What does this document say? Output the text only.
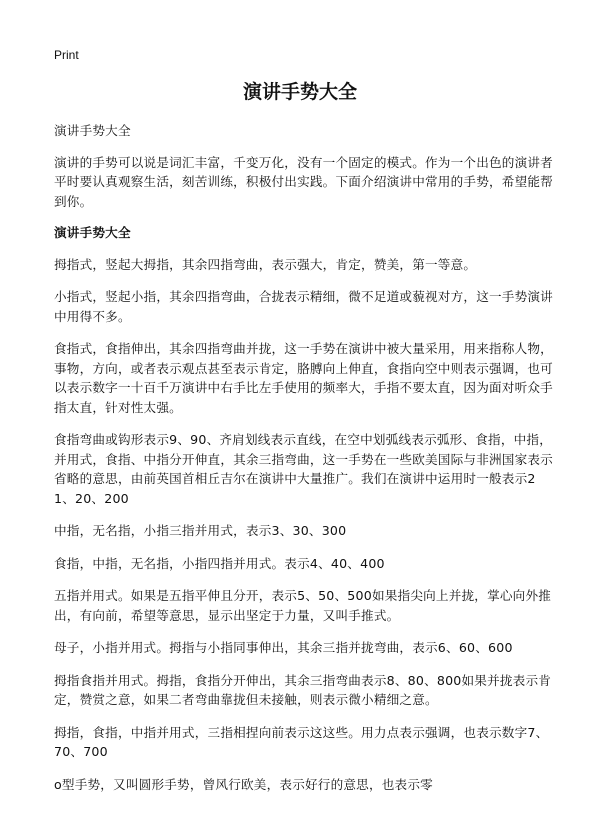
Print
演讲手势大全

演讲手势大全

演讲的手势可以说是词汇丰富，千变万化，没有一个固定的模式。作为一个出色的演讲者平时要认真观察生活，刻苦训练，积极付出实践。下面介绍演讲中常用的手势，希望能帮到你。

演讲手势大全

拇指式，竖起大拇指，其余四指弯曲，表示强大，肯定，赞美，第一等意。

小指式，竖起小指，其余四指弯曲，合拢表示精细，微不足道或藐视对方，这一手势演讲中用得不多。

食指式，食指伸出，其余四指弯曲并拢，这一手势在演讲中被大量采用，用来指称人物，事物，方向，或者表示观点甚至表示肯定，胳膊向上伸直，食指向空中则表示强调，也可以表示数字一十百千万演讲中右手比左手使用的频率大，手指不要太直，因为面对听众手指太直，针对性太强。

食指弯曲或钩形表示9、90、齐肩划线表示直线，在空中划弧线表示弧形、食指，中指，并用式，食指、中指分开伸直，其余三指弯曲，这一手势在一些欧美国际与非洲国家表示省略的意思，由前英国首相丘吉尔在演讲中大量推广。我们在演讲中运用时一般表示21、20、200

中指，无名指，小指三指并用式，表示3、30、300

食指，中指，无名指，小指四指并用式。表示4、40、400

五指并用式。如果是五指平伸且分开，表示5、50、500如果指尖向上并拢，掌心向外推出，有向前，希望等意思，显示出坚定于力量，又叫手推式。

母子，小指并用式。拇指与小指同事伸出，其余三指并拢弯曲，表示6、60、600

拇指食指并用式。拇指，食指分开伸出，其余三指弯曲表示8、80、800如果并拢表示肯定，赞赏之意，如果二者弯曲靠拢但未接触，则表示微小精细之意。

拇指，食指，中指并用式，三指相捏向前表示这这些。用力点表示强调，也表示数字7、70、700

o型手势，又叫圆形手势，曾风行欧美，表示好行的意思，也表示零
